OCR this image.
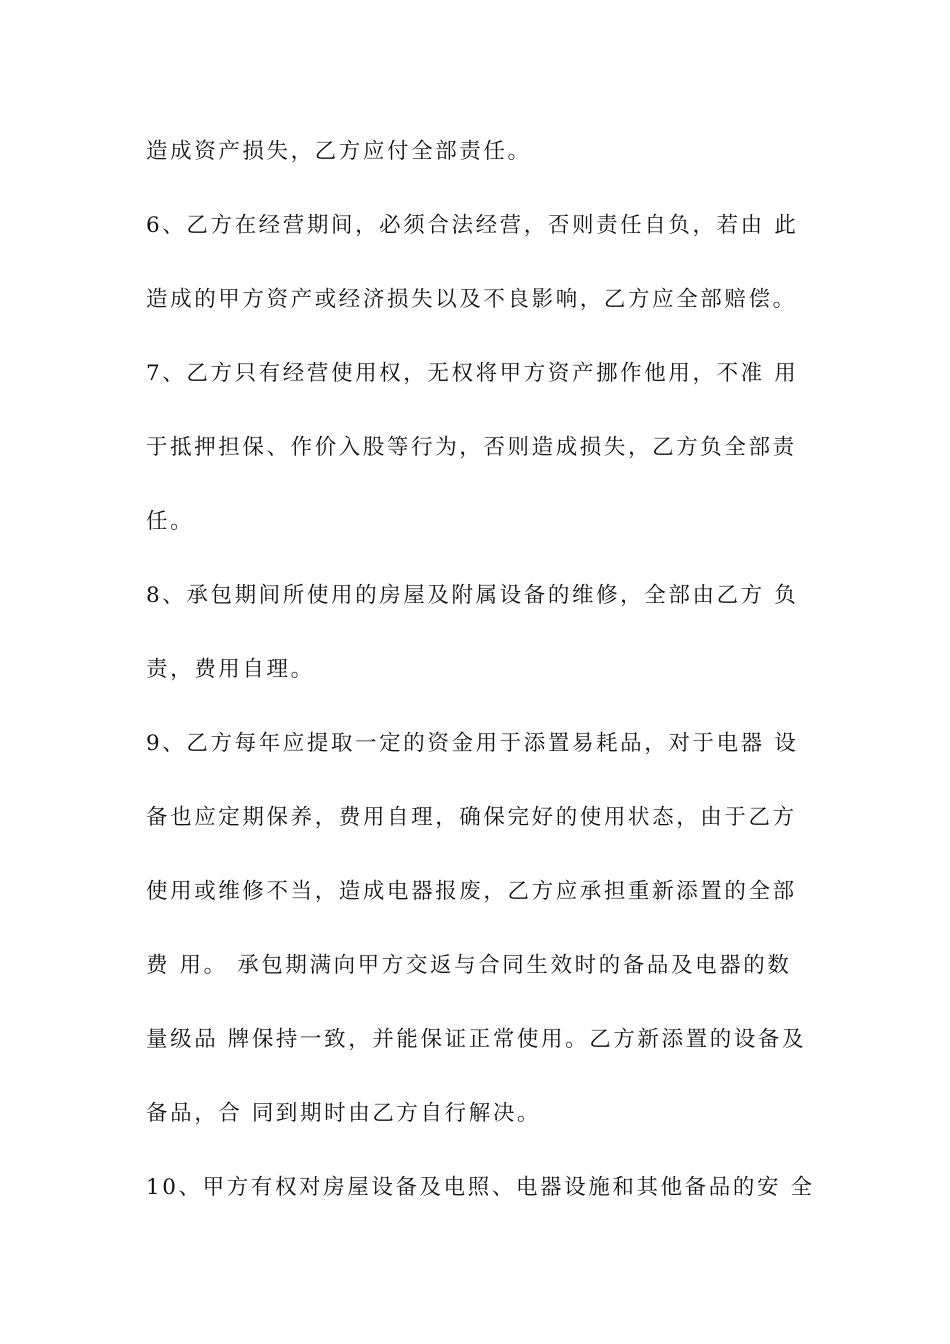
造成资产损失，乙方应付全部责任。
6、乙方在经营期间，必须合法经营，否则责任自负，若由 此
造成的甲方资产或经济损失以及不良影响，乙方应全部赔偿。
7、乙方只有经营使用权，无权将甲方资产挪作他用，不准 用
于抵押担保、作价入股等行为，否则造成损失，乙方负全部责
任。
8、承包期间所使用的房屋及附属设备的维修，全部由乙方 负
责，费用自理。
9、乙方每年应提取一定的资金用于添置易耗品，对于电器 设
备也应定期保养，费用自理，确保完好的使用状态，由于乙方
使用或维修不当，造成电器报废，乙方应承担重新添置的全部
费 用。 承包期满向甲方交返与合同生效时的备品及电器的数
量级品 牌保持一致，并能保证正常使用。乙方新添置的设备及
备品，合 同到期时由乙方自行解决。
10、甲方有权对房屋设备及电照、电器设施和其他备品的安 全
